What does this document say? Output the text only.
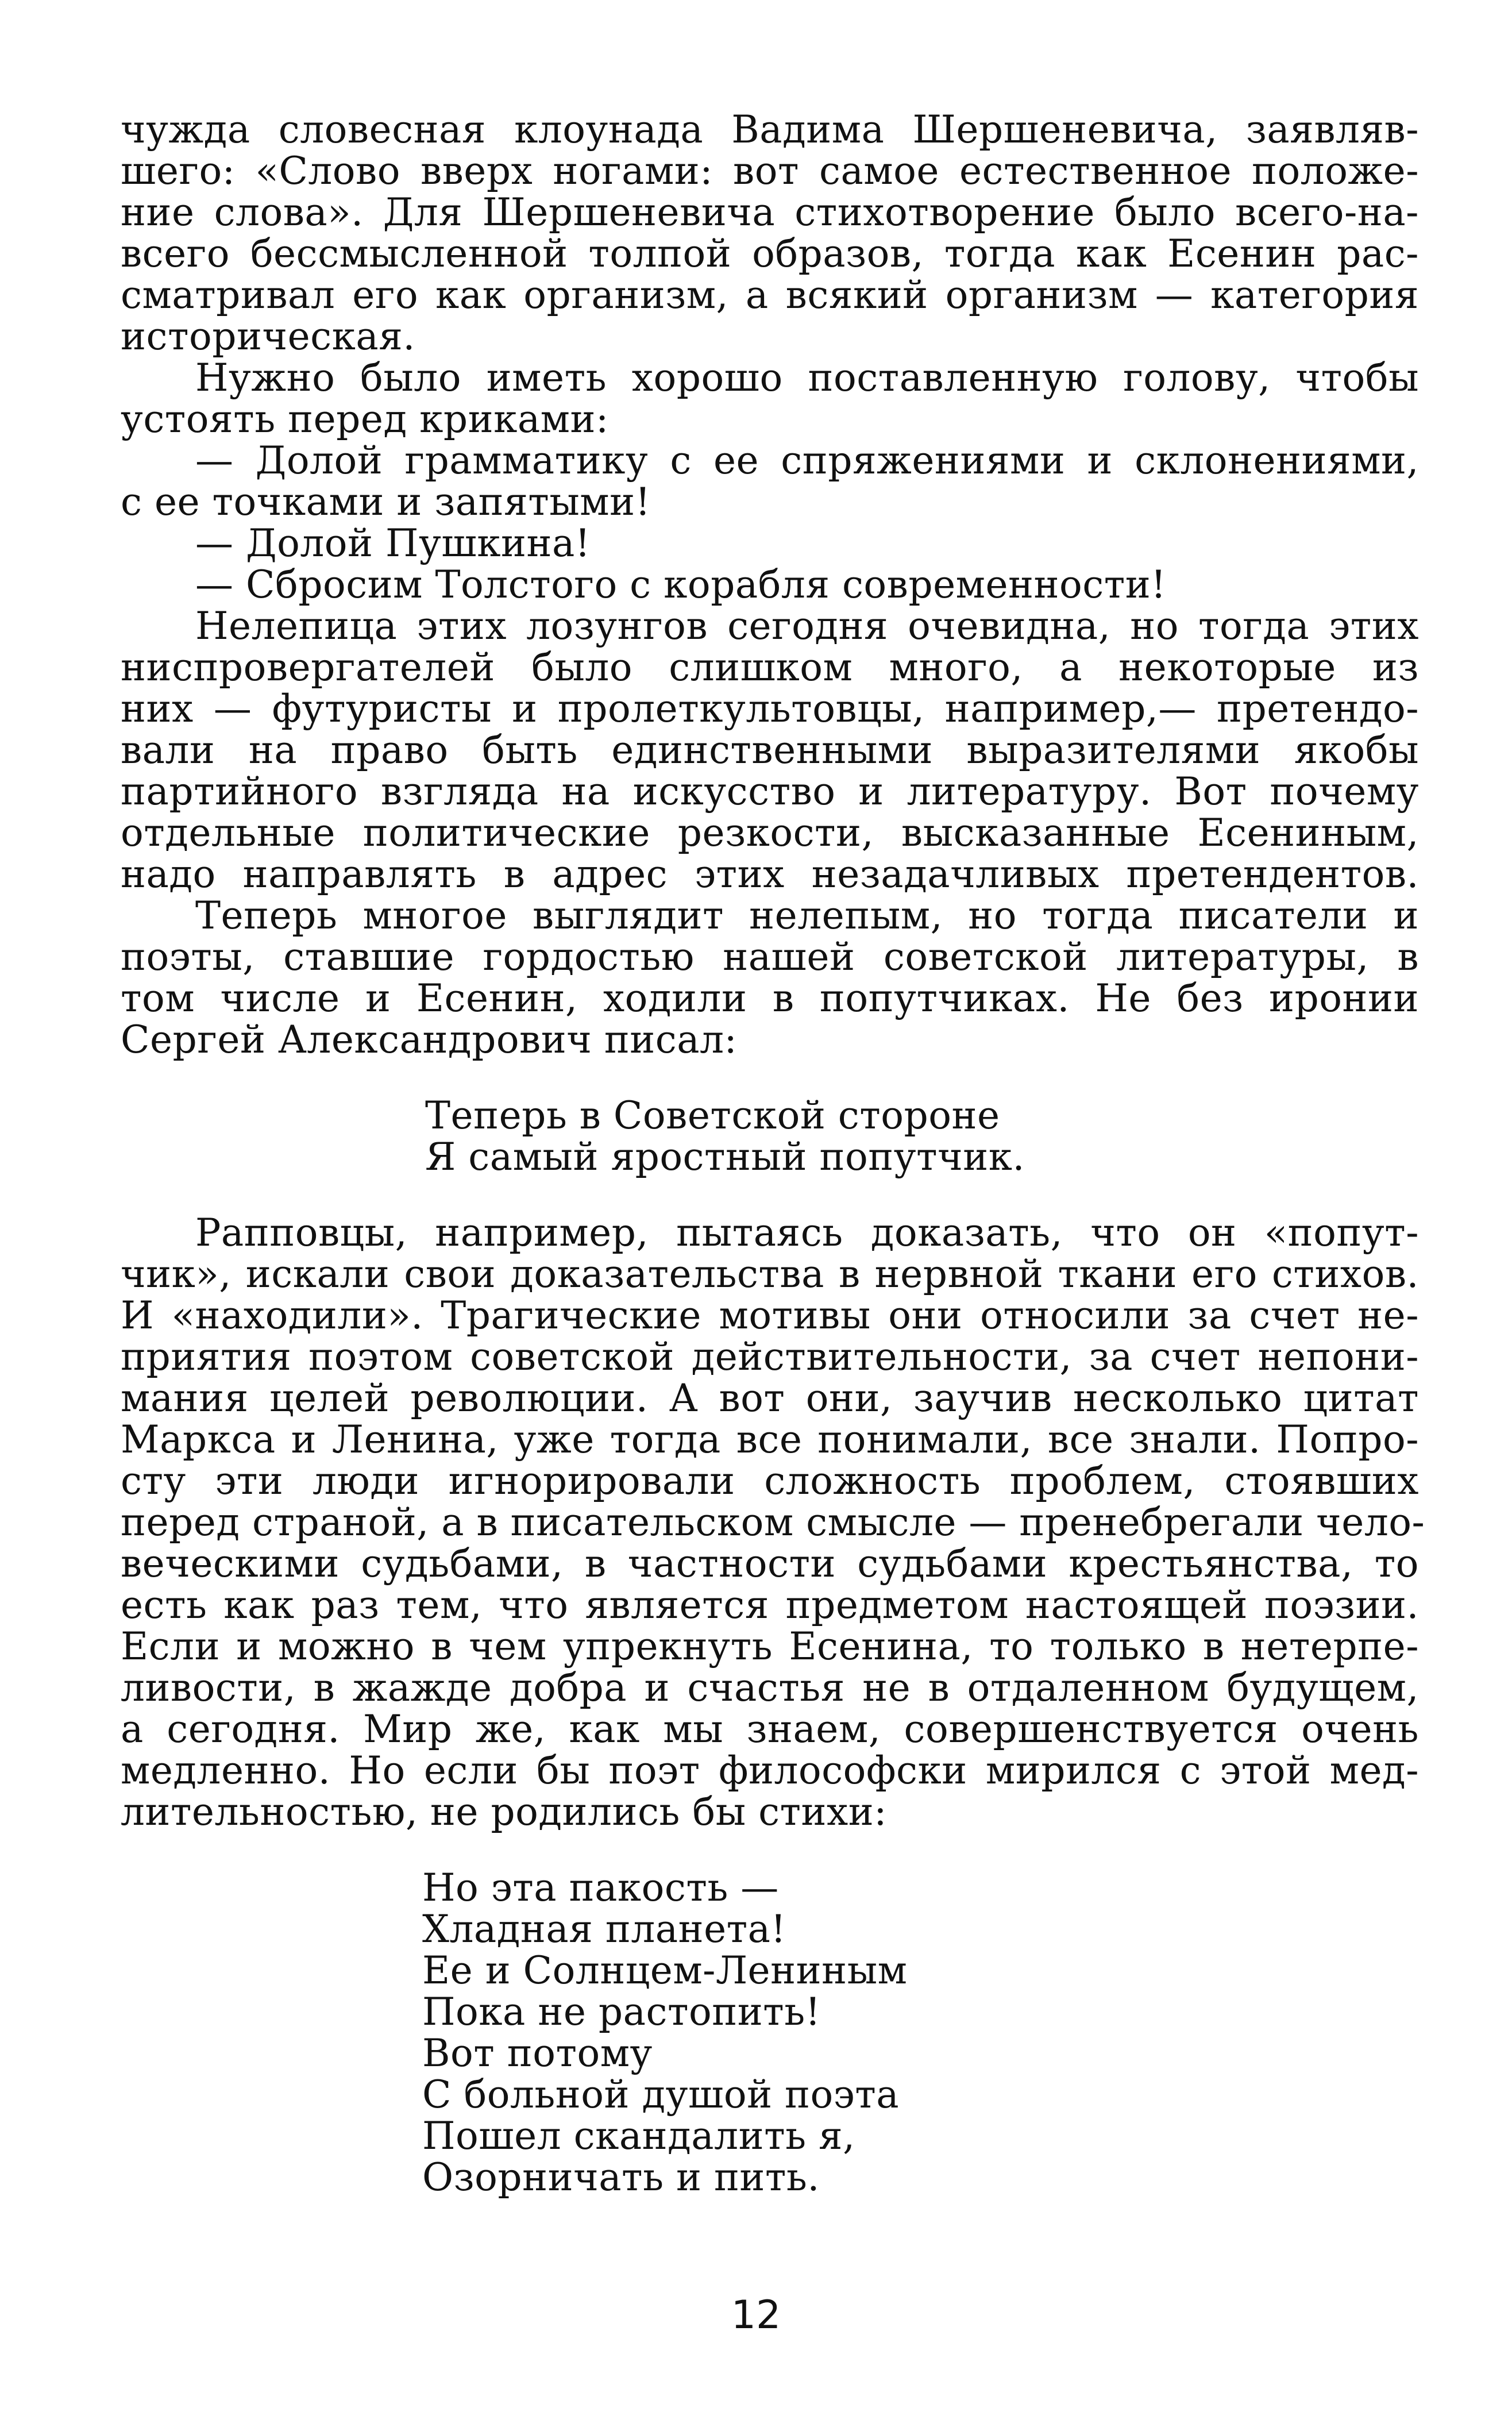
чужда словесная клоунада Вадима Шершеневича, заявляв-
шего: «Слово вверх ногами: вот самое естественное положе-
ние слова». Для Шершеневича стихотворение было всего-на-
всего бессмысленной толпой образов, тогда как Есенин рас-
сматривал его как организм, а всякий организм — категория
историческая.
Нужно было иметь хорошо поставленную голову, чтобы
устоять перед криками:
— Долой грамматику с ее спряжениями и склонениями,
с ее точками и запятыми!
— Долой Пушкина!
— Сбросим Толстого с корабля современности!
Нелепица этих лозунгов сегодня очевидна, но тогда этих
ниспровергателей было слишком много, а некоторые из
них — футуристы и пролеткультовцы, например,— претендо-
вали на право быть единственными выразителями якобы
партийного взгляда на искусство и литературу. Вот почему
отдельные политические резкости, высказанные Есениным,
надо направлять в адрес этих незадачливых претендентов.
Теперь многое выглядит нелепым, но тогда писатели и
поэты, ставшие гордостью нашей советской литературы, в
том числе и Есенин, ходили в попутчиках. Не без иронии
Сергей Александрович писал:
Теперь в Советской стороне
Я самый яростный попутчик.
Рапповцы, например, пытаясь доказать, что он «попут-
чик», искали свои доказательства в нервной ткани его стихов.
И «находили». Трагические мотивы они относили за счет не-
приятия поэтом советской действительности, за счет непони-
мания целей революции. А вот они, заучив несколько цитат
Маркса и Ленина, уже тогда все понимали, все знали. Попро-
сту эти люди игнорировали сложность проблем, стоявших
перед страной, а в писательском смысле — пренебрегали чело-
веческими судьбами, в частности судьбами крестьянства, то
есть как раз тем, что является предметом настоящей поэзии.
Если и можно в чем упрекнуть Есенина, то только в нетерпе-
ливости, в жажде добра и счастья не в отдаленном будущем,
а сегодня. Мир же, как мы знаем, совершенствуется очень
медленно. Но если бы поэт философски мирился с этой мед-
лительностью, не родились бы стихи:
Но эта пакость —
Хладная планета!
Ее и Солнцем-Лениным
Пока не растопить!
Вот потому
С больной душой поэта
Пошел скандалить я,
Озорничать и пить.
12
